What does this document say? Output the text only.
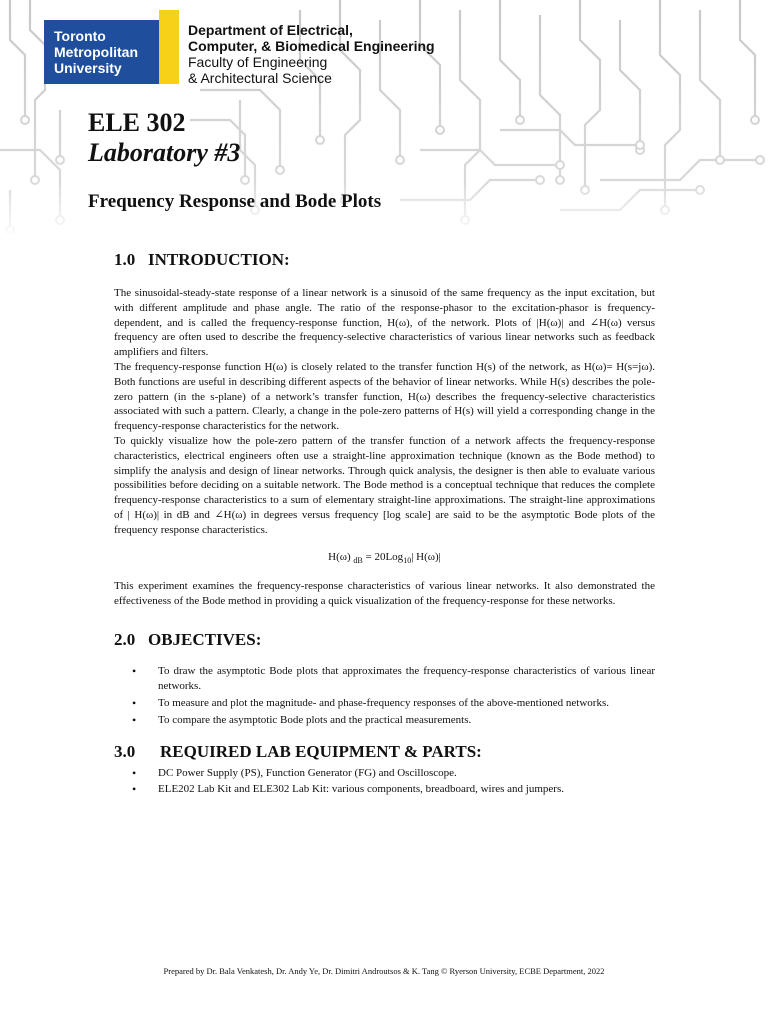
Toronto
Metropolitan
University
Department of Electrical,
Computer, & Biomedical Engineering
Faculty of Engineering
& Architectural Science
ELE 302
Laboratory #3
Frequency Response and Bode Plots
1.0 INTRODUCTION:

The sinusoidal-steady-state response of a linear network is a sinusoid of the same frequency as the input excitation, but with different amplitude and phase angle. The ratio of the response-phasor to the excitation-phasor is frequency-dependent, and is called the frequency-response function, H(ω), of the network. Plots of |H(ω)| and ∠H(ω) versus frequency are often used to describe the frequency-selective characteristics of various linear networks such as feedback amplifiers and filters.

The frequency-response function H(ω) is closely related to the transfer function H(s) of the network, as H(ω)= H(s=jω). Both functions are useful in describing different aspects of the behavior of linear networks. While H(s) describes the pole-zero pattern (in the s-plane) of a network’s transfer function, H(ω) describes the frequency-selective characteristics associated with such a pattern. Clearly, a change in the pole-zero patterns of H(s) will yield a corresponding change in the frequency-response characteristics for the network.

To quickly visualize how the pole-zero pattern of the transfer function of a network affects the frequency-response characteristics, electrical engineers often use a straight-line approximation technique (known as the Bode method) to simplify the analysis and design of linear networks. Through quick analysis, the designer is then able to evaluate various possibilities before deciding on a suitable network. The Bode method is a conceptual technique that reduces the complete frequency-response characteristics to a sum of elementary straight-line approximations. The straight-line approximations of | H(ω)| in dB and ∠H(ω) in degrees versus frequency [log scale] are said to be the asymptotic Bode plots of the frequency response characteristics.

H(ω) $_{dB}$ = 20Log$_{10}$| H(ω)|

This experiment examines the frequency-response characteristics of various linear networks. It also demonstrated the effectiveness of the Bode method in providing a quick visualization of the frequency-response for these networks.

2.0 OBJECTIVES:
• To draw the asymptotic Bode plots that approximates the frequency-response characteristics of various linear networks.
• To measure and plot the magnitude- and phase-frequency responses of the above-mentioned networks.
• To compare the asymptotic Bode plots and the practical measurements.
3.0 REQUIRED LAB EQUIPMENT & PARTS:
• DC Power Supply (PS), Function Generator (FG) and Oscilloscope.
• ELE202 Lab Kit and ELE302 Lab Kit: various components, breadboard, wires and jumpers.
Prepared by Dr. Bala Venkatesh, Dr. Andy Ye, Dr. Dimitri Androutsos & K. Tang © Ryerson University, ECBE Department, 2022
